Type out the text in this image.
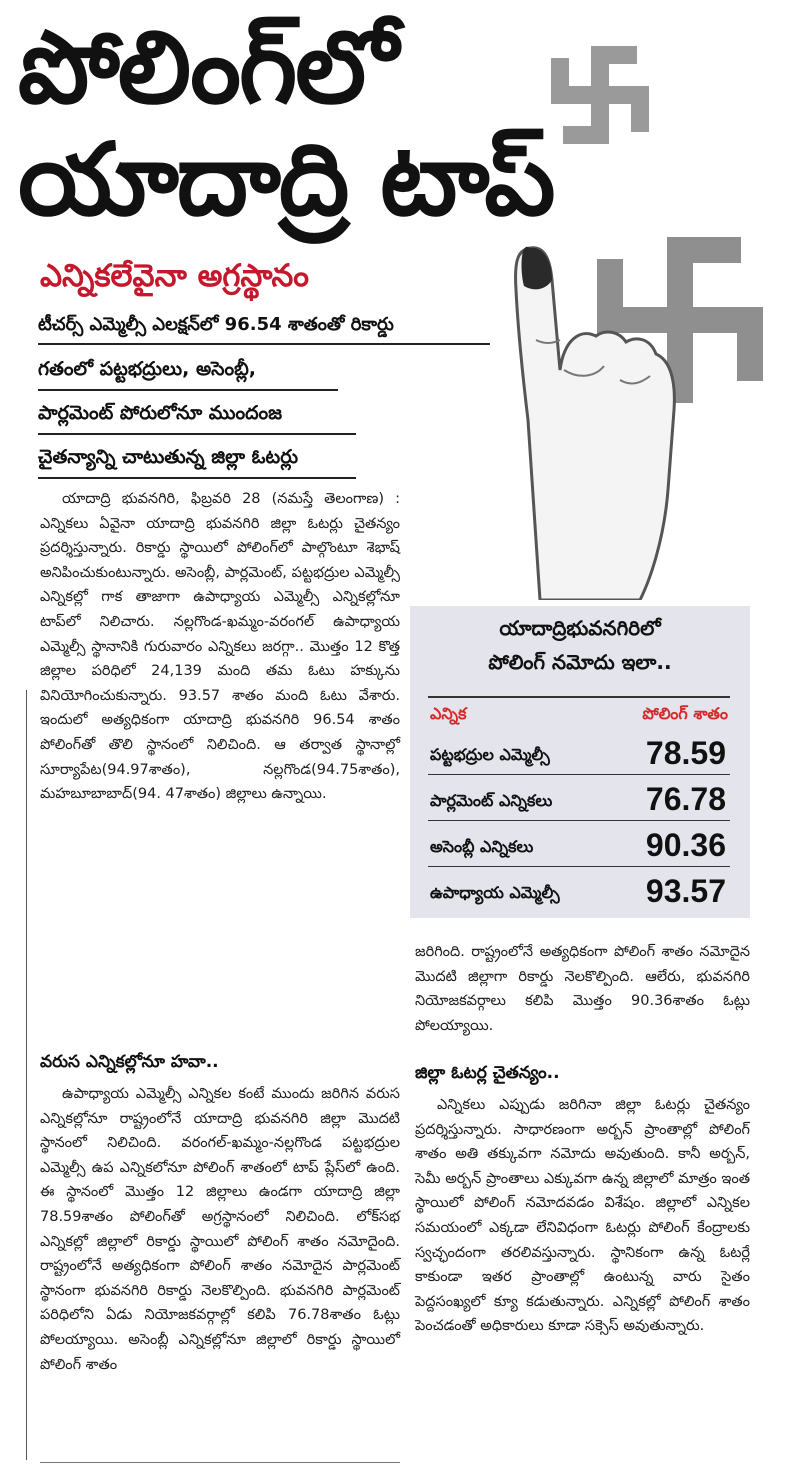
పోలింగ్‌లో
యాదాద్రి టాప్

ఎన్నికలేవైనా అగ్రస్థానం

టీచర్స్ ఎమ్మెల్సీ ఎలక్షన్‌లో 96.54 శాతంతో రికార్డు

గతంలో పట్టభద్రులు, అసెంబ్లీ,

పార్లమెంట్ పోరులోనూ ముందంజ

చైతన్యాన్ని చాటుతున్న జిల్లా ఓటర్లు

యాదాద్రి భువనగిరి, ఫిబ్రవరి 28 (నమస్తే తెలంగాణ) : ఎన్నికలు ఏవైనా యాదాద్రి భువనగిరి జిల్లా ఓటర్లు చైతన్యం ప్రదర్శిస్తున్నారు. రికార్డు స్థాయిలో పోలింగ్‌లో పాల్గొంటూ శెభాష్ అనిపించుకుంటున్నారు. అసెంబ్లీ, పార్లమెంట్, పట్టభద్రుల ఎమ్మెల్సీ ఎన్నికల్లో గాక తాజాగా ఉపాధ్యాయ ఎమ్మెల్సీ ఎన్నికల్లోనూ టాప్‌లో నిలిచారు. నల్లగొండ-ఖమ్మం-వరంగల్ ఉపాధ్యాయ ఎమ్మెల్సీ స్థానానికి గురువారం ఎన్నికలు జరగ్గా.. మొత్తం 12 కొత్త జిల్లాల పరిధిలో 24,139 మంది తమ ఓటు హక్కును వినియోగించుకున్నారు. 93.57 శాతం మంది ఓటు వేశారు. ఇందులో అత్యధికంగా యాదాద్రి భువనగిరి 96.54 శాతం పోలింగ్‌తో తొలి స్థానంలో నిలిచింది. ఆ తర్వాత స్థానాల్లో సూర్యాపేట(94.97శాతం), నల్లగొండ(94.75శాతం), మహబూబాబాద్(94. 47శాతం) జిల్లాలు ఉన్నాయి.

వరుస ఎన్నికల్లోనూ హవా..

ఉపాధ్యాయ ఎమ్మెల్సీ ఎన్నికల కంటే ముందు జరిగిన వరుస ఎన్నికల్లోనూ రాష్ట్రంలోనే యాదాద్రి భువనగిరి జిల్లా మొదటి స్థానంలో నిలిచింది. వరంగల్-ఖమ్మం-నల్లగొండ పట్టభద్రుల ఎమ్మెల్సీ ఉప ఎన్నికలోనూ పోలింగ్ శాతంలో టాప్ ప్లేస్‌లో ఉంది. ఈ స్థానంలో మొత్తం 12 జిల్లాలు ఉండగా యాదాద్రి జిల్లా 78.59శాతం పోలింగ్‌తో అగ్రస్థానంలో నిలిచింది. లోక్‌సభ ఎన్నికల్లో జిల్లాలో రికార్డు స్థాయిలో పోలింగ్ శాతం నమోదైంది. రాష్ట్రంలోనే అత్యధికంగా పోలింగ్ శాతం నమోదైన పార్లమెంట్ స్థానంగా భువనగిరి రికార్డు నెలకొల్పింది. భువనగిరి పార్లమెంట్ పరిధిలోని ఏడు నియోజకవర్గాల్లో కలిపి 76.78శాతం ఓట్లు పోలయ్యాయి. అసెంబ్లీ ఎన్నికల్లోనూ జిల్లాలో రికార్డు స్థాయిలో పోలింగ్ శాతం

యాదాద్రిభువనగిరిలో

పోలింగ్ నమోదు ఇలా..

ఎన్నిక	పోలింగ్ శాతం
పట్టభద్రుల ఎమ్మెల్సీ	78.59
పార్లమెంట్ ఎన్నికలు	76.78
అసెంబ్లీ ఎన్నికలు	90.36
ఉపాధ్యాయ ఎమ్మెల్సీ	93.57

జరిగింది. రాష్ట్రంలోనే అత్యధికంగా పోలింగ్ శాతం నమోదైన మొదటి జిల్లాగా రికార్డు నెలకొల్పింది. ఆలేరు, భువనగిరి నియోజకవర్గాలు కలిపి మొత్తం 90.36శాతం ఓట్లు పోలయ్యాయి.

జిల్లా ఓటర్ల చైతన్యం..

ఎన్నికలు ఎప్పుడు జరిగినా జిల్లా ఓటర్లు చైతన్యం ప్రదర్శిస్తున్నారు. సాధారణంగా అర్బన్ ప్రాంతాల్లో పోలింగ్ శాతం అతి తక్కువగా నమోదు అవుతుంది. కానీ అర్బన్, సెమీ అర్బన్ ప్రాంతాలు ఎక్కువగా ఉన్న జిల్లాలో మాత్రం ఇంత స్థాయిలో పోలింగ్ నమోదవడం విశేషం. జిల్లాలో ఎన్నికల సమయంలో ఎక్కడా లేనివిధంగా ఓటర్లు పోలింగ్ కేంద్రాలకు స్వచ్ఛందంగా తరలివస్తున్నారు. స్థానికంగా ఉన్న ఓటర్లే కాకుండా ఇతర ప్రాంతాల్లో ఉంటున్న వారు సైతం పెద్దసంఖ్యలో క్యూ కడుతున్నారు. ఎన్నికల్లో పోలింగ్ శాతం పెంచడంతో అధికారులు కూడా సక్సెస్ అవుతున్నారు.
